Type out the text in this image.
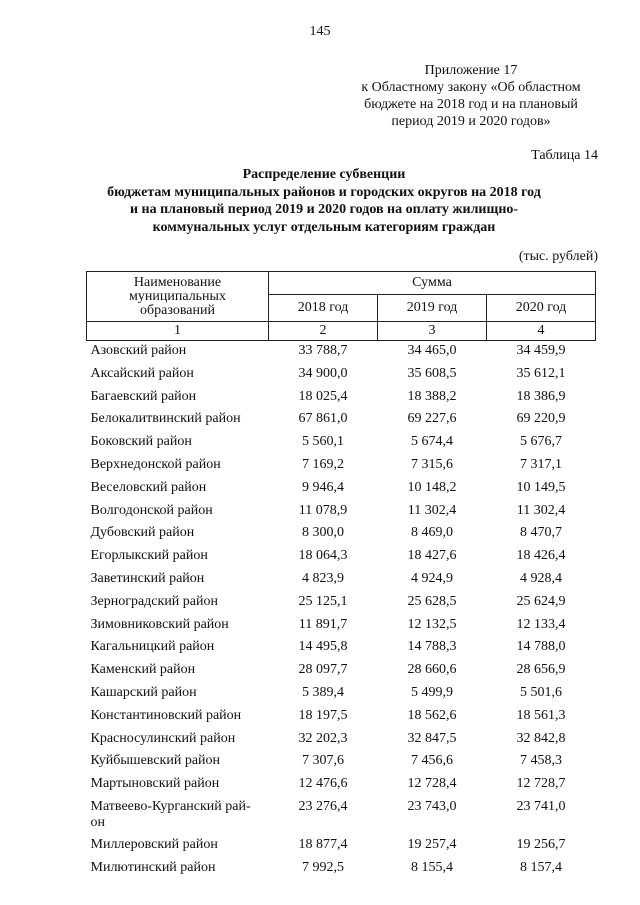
145
Приложение 17
к Областному закону «Об областном
бюджете на 2018 год и на плановый
период 2019 и 2020 годов»
Таблица 14
Распределение субвенции
бюджетам муниципальных районов и городских округов на 2018 год
и на плановый период 2019 и 2020 годов на оплату жилищно-
коммунальных услуг отдельным категориям граждан
(тыс. рублей)
Наименование
муниципальных
образований	Сумма		
	2018 год	2019 год	2020 год
1	2	3	4
Азовский район	33 788,7	34 465,0	34 459,9
Аксайский район	34 900,0	35 608,5	35 612,1
Багаевский район	18 025,4	18 388,2	18 386,9
Белокалитвинский район	67 861,0	69 227,6	69 220,9
Боковский район	5 560,1	5 674,4	5 676,7
Верхнедонской район	7 169,2	7 315,6	7 317,1
Веселовский район	9 946,4	10 148,2	10 149,5
Волгодонской район	11 078,9	11 302,4	11 302,4
Дубовский район	8 300,0	8 469,0	8 470,7
Егорлыкский район	18 064,3	18 427,6	18 426,4
Заветинский район	4 823,9	4 924,9	4 928,4
Зерноградский район	25 125,1	25 628,5	25 624,9
Зимовниковский район	11 891,7	12 132,5	12 133,4
Кагальницкий район	14 495,8	14 788,3	14 788,0
Каменский район	28 097,7	28 660,6	28 656,9
Кашарский район	5 389,4	5 499,9	5 501,6
Константиновский район	18 197,5	18 562,6	18 561,3
Красносулинский район	32 202,3	32 847,5	32 842,8
Куйбышевский район	7 307,6	7 456,6	7 458,3
Мартыновский район	12 476,6	12 728,4	12 728,7
Матвеево-Курганский рай-
он	23 276,4	23 743,0	23 741,0
Миллеровский район	18 877,4	19 257,4	19 256,7
Милютинский район	7 992,5	8 155,4	8 157,4
